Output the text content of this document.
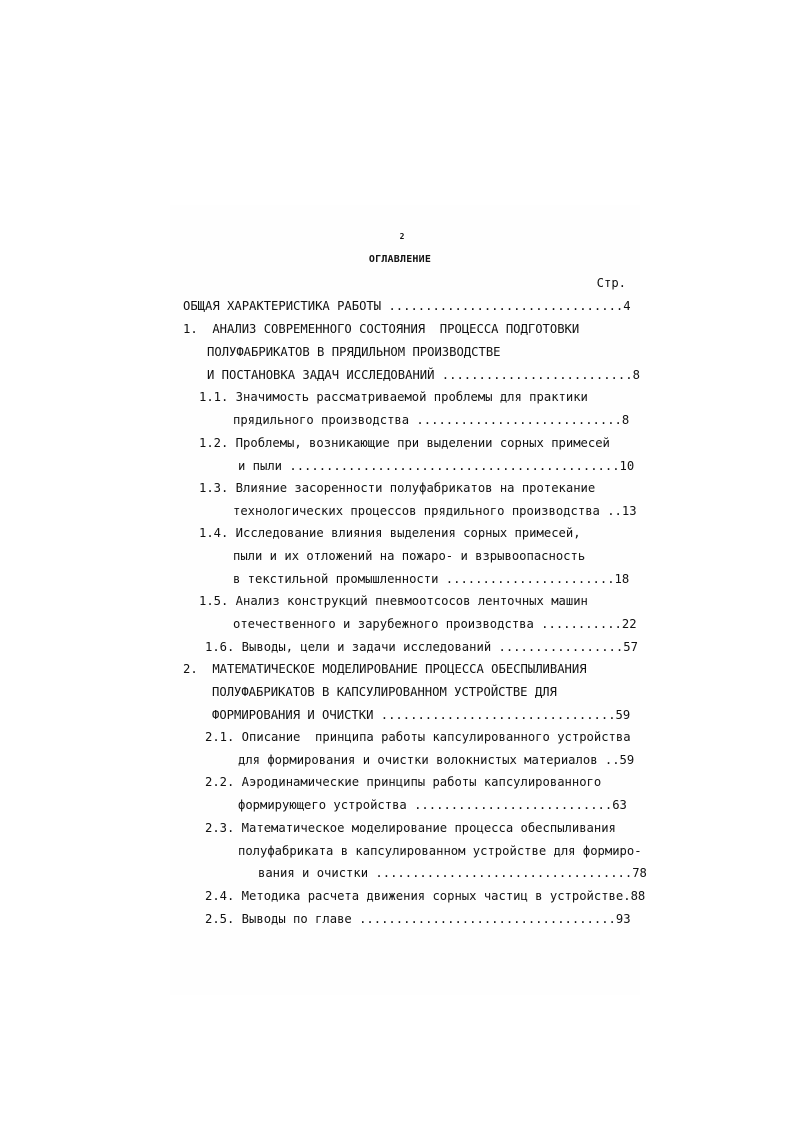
2
ОГЛАВЛЕНИЕ
Стр.
ОБЩАЯ ХАРАКТЕРИСТИКА РАБОТЫ ................................4
1.  АНАЛИЗ СОВРЕМЕННОГО СОСТОЯНИЯ  ПРОЦЕССА ПОДГОТОВКИ
ПОЛУФАБРИКАТОВ В ПРЯДИЛЬНОМ ПРОИЗВОДСТВЕ
И ПОСТАНОВКА ЗАДАЧ ИССЛЕДОВАНИЙ ..........................8
1.1. Значимость рассматриваемой проблемы для практики
прядильного производства ............................8
1.2. Проблемы, возникающие при выделении сорных примесей
и пыли .............................................10
1.3. Влияние засоренности полуфабрикатов на протекание
технологических процессов прядильного производства ..13
1.4. Исследование влияния выделения сорных примесей,
пыли и их отложений на пожаро- и взрывоопасность
в текстильной промышленности .......................18
1.5. Анализ конструкций пневмоотсосов ленточных машин
отечественного и зарубежного производства ...........22
1.6. Выводы, цели и задачи исследований .................57
2.  МАТЕМАТИЧЕСКОЕ МОДЕЛИРОВАНИЕ ПРОЦЕССА ОБЕСПЫЛИВАНИЯ
ПОЛУФАБРИКАТОВ В КАПСУЛИРОВАННОМ УСТРОЙСТВЕ ДЛЯ
ФОРМИРОВАНИЯ И ОЧИСТКИ ................................59
2.1. Описание  принципа работы капсулированного устройства
для формирования и очистки волокнистых материалов ..59
2.2. Аэродинамические принципы работы капсулированного
формирующего устройства ...........................63
2.3. Математическое моделирование процесса обеспыливания
полуфабриката в капсулированном устройстве для формиро-
вания и очистки ...................................78
2.4. Методика расчета движения сорных частиц в устройстве.88
2.5. Выводы по главе ...................................93
